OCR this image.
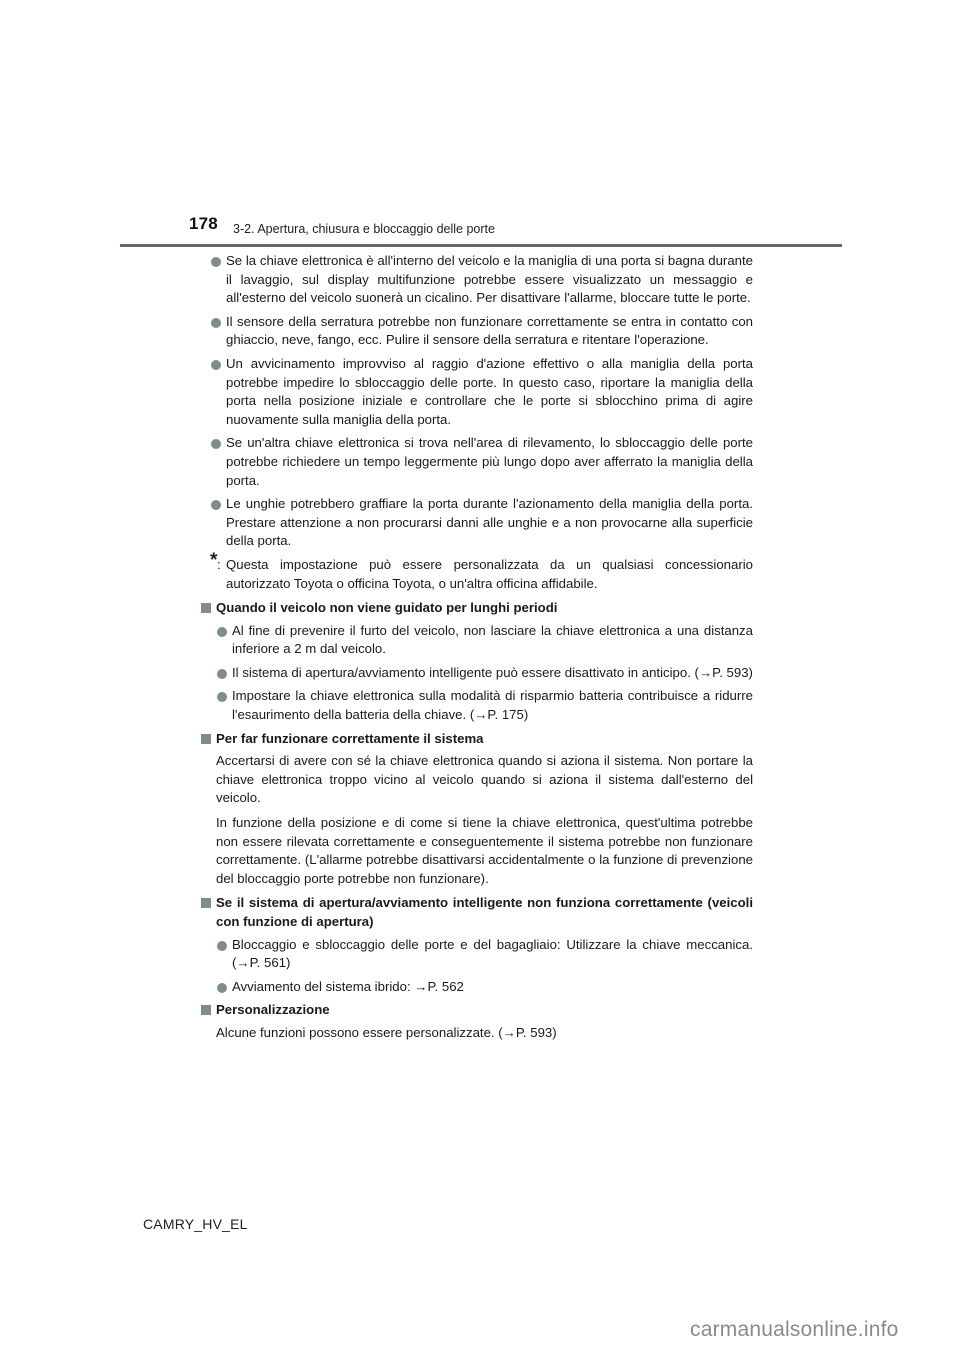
178 3-2. Apertura, chiusura e bloccaggio delle porte
Se la chiave elettronica è all'interno del veicolo e la maniglia di una porta si bagna durante il lavaggio, sul display multifunzione potrebbe essere visualizzato un messaggio e all'esterno del veicolo suonerà un cicalino. Per disattivare l'allarme, bloccare tutte le porte.
Il sensore della serratura potrebbe non funzionare correttamente se entra in contatto con ghiaccio, neve, fango, ecc. Pulire il sensore della serratura e ritentare l'operazione.
Un avvicinamento improvviso al raggio d'azione effettivo o alla maniglia della porta potrebbe impedire lo sbloccaggio delle porte. In questo caso, riportare la maniglia della porta nella posizione iniziale e controllare che le porte si sblocchino prima di agire nuovamente sulla maniglia della porta.
Se un'altra chiave elettronica si trova nell'area di rilevamento, lo sbloccaggio delle porte potrebbe richiedere un tempo leggermente più lungo dopo aver afferrato la maniglia della porta.
Le unghie potrebbero graffiare la porta durante l'azionamento della maniglia della porta. Prestare attenzione a non procurarsi danni alle unghie e a non provocarne alla superficie della porta.
* : Questa impostazione può essere personalizzata da un qualsiasi concessionario autorizzato Toyota o officina Toyota, o un'altra officina affidabile.
Quando il veicolo non viene guidato per lunghi periodi
Al fine di prevenire il furto del veicolo, non lasciare la chiave elettronica a una distanza inferiore a 2 m dal veicolo.
Il sistema di apertura/avviamento intelligente può essere disattivato in anticipo. (→P. 593)
Impostare la chiave elettronica sulla modalità di risparmio batteria contribuisce a ridurre l'esaurimento della batteria della chiave. (→P. 175)
Per far funzionare correttamente il sistema
Accertarsi di avere con sé la chiave elettronica quando si aziona il sistema. Non portare la chiave elettronica troppo vicino al veicolo quando si aziona il sistema dall'esterno del veicolo.
In funzione della posizione e di come si tiene la chiave elettronica, quest'ultima potrebbe non essere rilevata correttamente e conseguentemente il sistema potrebbe non funzionare correttamente. (L'allarme potrebbe disattivarsi accidentalmente o la funzione di prevenzione del bloccaggio porte potrebbe non funzionare).
Se il sistema di apertura/avviamento intelligente non funziona correttamente (veicoli con funzione di apertura)
Bloccaggio e sbloccaggio delle porte e del bagagliaio: Utilizzare la chiave meccanica. (→P. 561)
Avviamento del sistema ibrido: →P. 562
Personalizzazione
Alcune funzioni possono essere personalizzate. (→P. 593)
CAMRY_HV_EL
carmanualsonline.info
